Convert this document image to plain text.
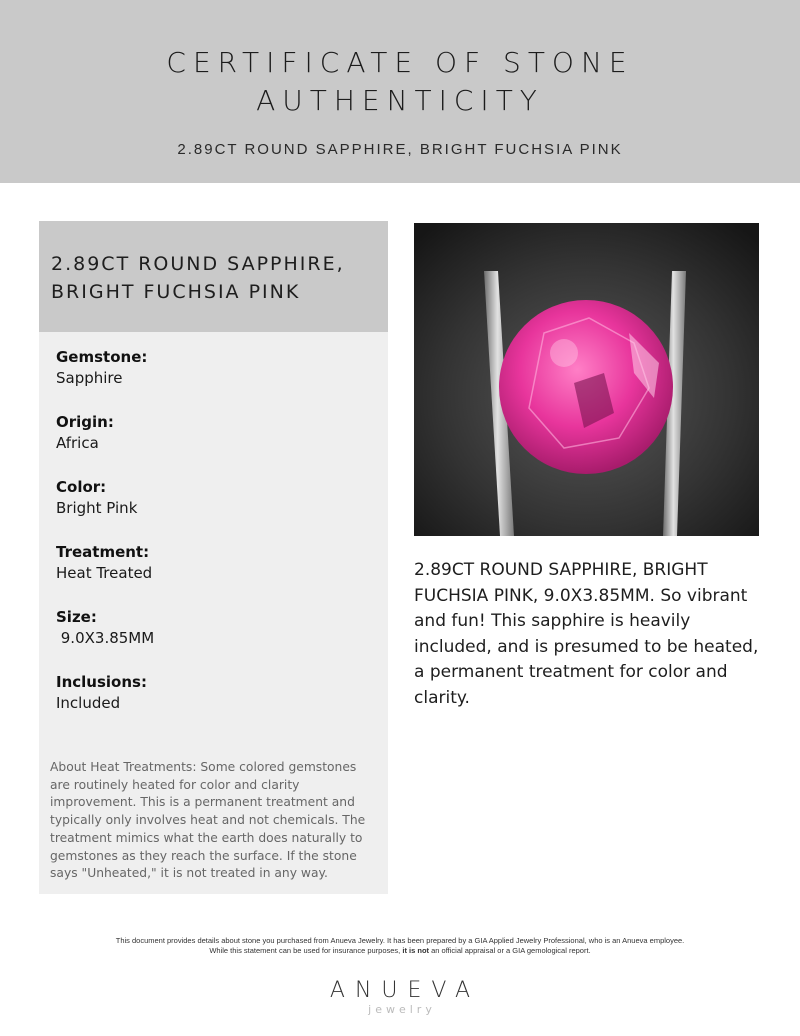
CERTIFICATE OF STONE
AUTHENTICITY
2.89CT ROUND SAPPHIRE, BRIGHT FUCHSIA PINK
2.89CT ROUND SAPPHIRE,
BRIGHT FUCHSIA PINK
Gemstone:
Sapphire
Origin:
Africa
Color:
Bright Pink
Treatment:
Heat Treated
Size:
9.0X3.85MM
Inclusions:
Included
About Heat Treatments: Some colored gemstones are routinely heated for color and clarity improvement. This is a permanent treatment and typically only involves heat and not chemicals. The treatment mimics what the earth does naturally to gemstones as they reach the surface. If the stone says "Unheated," it is not treated in any way.
2.89CT ROUND SAPPHIRE, BRIGHT FUCHSIA PINK, 9.0X3.85MM. So vibrant and fun! This sapphire is heavily included, and is presumed to be heated, a permanent treatment for color and clarity.
This document provides details about stone you purchased from Anueva Jewelry. It has been prepared by a GIA Applied Jewelry Professional, who is an Anueva employee.
While this statement can be used for insurance purposes, it is not an official appraisal or a GIA gemological report.
ANUEVA
jewelry
